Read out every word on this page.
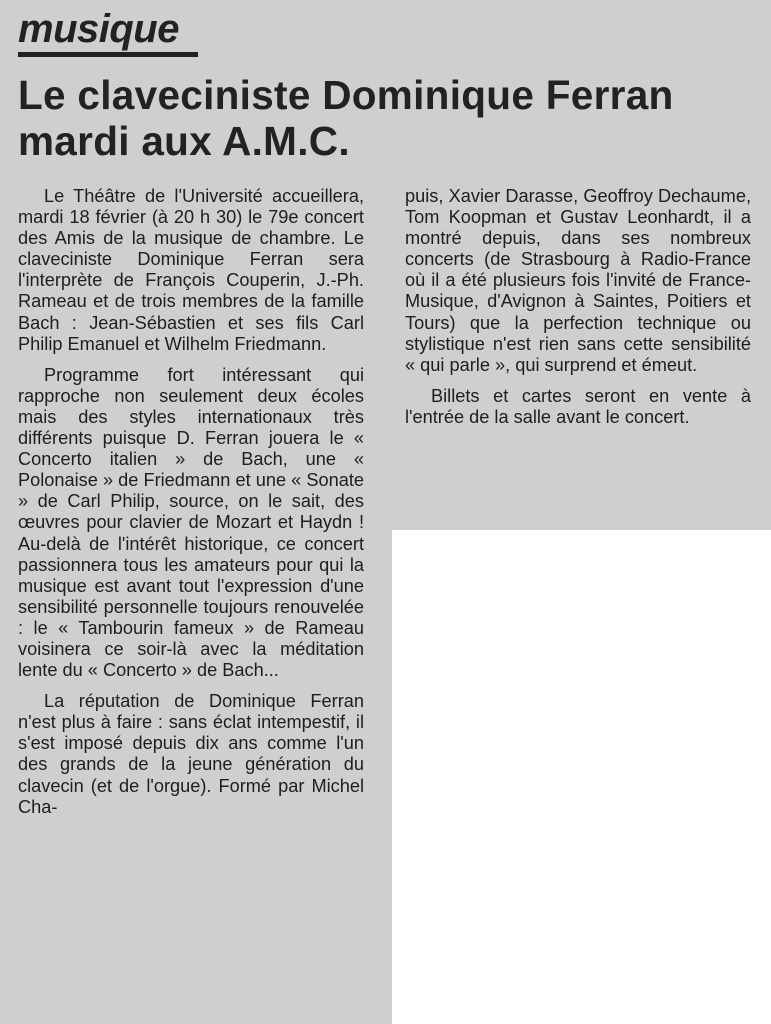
musique
Le claveciniste Dominique Ferran mardi aux A.M.C.

Le Théâtre de l'Université accueillera, mardi 18 février (à 20 h 30) le 79e concert des Amis de la musique de chambre. Le claveciniste Dominique Ferran sera l'interprète de François Couperin, J.-Ph. Rameau et de trois membres de la famille Bach : Jean-Sébastien et ses fils Carl Philip Emanuel et Wilhelm Friedmann.

Programme fort intéressant qui rapproche non seulement deux écoles mais des styles internationaux très différents puisque D. Ferran jouera le « Concerto italien » de Bach, une « Polonaise » de Friedmann et une « Sonate » de Carl Philip, source, on le sait, des œuvres pour clavier de Mozart et Haydn ! Au-delà de l'intérêt historique, ce concert passionnera tous les amateurs pour qui la musique est avant tout l'expression d'une sensibilité personnelle toujours renouvelée : le « Tambourin fameux » de Rameau voisinera ce soir-là avec la méditation lente du « Concerto » de Bach...

La réputation de Dominique Ferran n'est plus à faire : sans éclat intempestif, il s'est imposé depuis dix ans comme l'un des grands de la jeune génération du clavecin (et de l'orgue). Formé par Michel Cha-

puis, Xavier Darasse, Geoffroy Dechaume, Tom Koopman et Gustav Leonhardt, il a montré depuis, dans ses nombreux concerts (de Strasbourg à Radio-France où il a été plusieurs fois l'invité de France-Musique, d'Avignon à Saintes, Poitiers et Tours) que la perfection technique ou stylistique n'est rien sans cette sensibilité « qui parle », qui surprend et émeut.

Billets et cartes seront en vente à l'entrée de la salle avant le concert.
